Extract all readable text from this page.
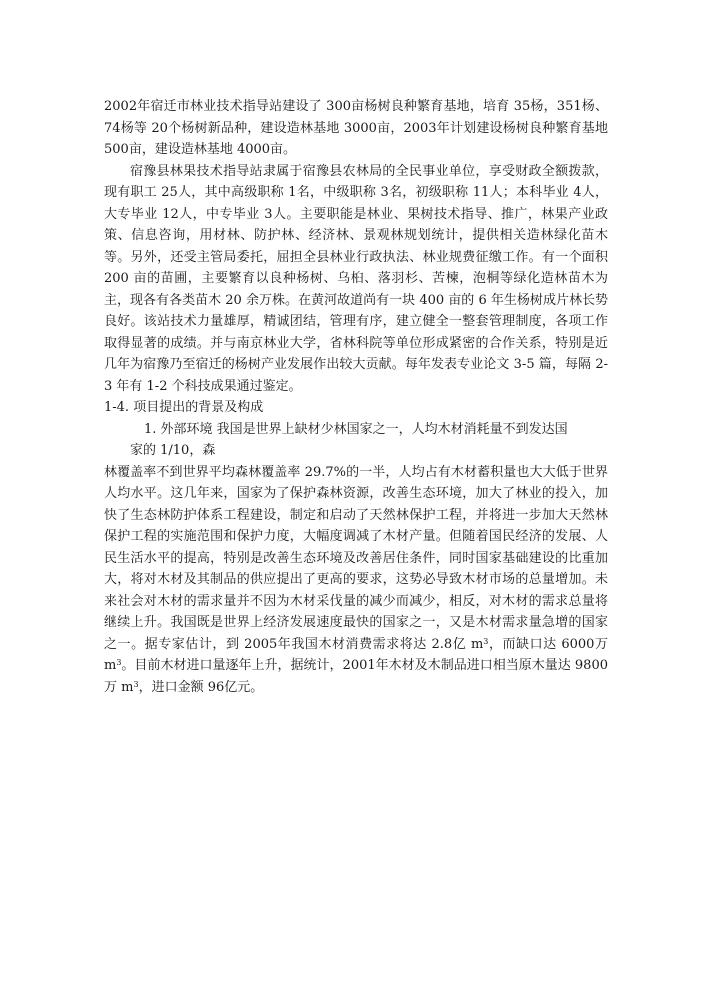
2002年宿迁市林业技术指导站建设了 300亩杨树良种繁育基地，培育 35杨，351杨、74杨等 20个杨树新品种，建设造林基地 3000亩，2003年计划建设杨树良种繁育基地 500亩，建设造林基地 4000亩。

宿豫县林果技术指导站隶属于宿豫县农林局的全民事业单位，享受财政全额拨款，现有职工 25人，其中高级职称 1名，中级职称 3名，初级职称 11人；本科毕业 4人，大专毕业 12人，中专毕业 3人。主要职能是林业、果树技术指导、推广，林果产业政策、信息咨询，用材林、防护林、经济林、景观林规划统计，提供相关造林绿化苗木等。另外，还受主管局委托，屈担全县林业行政执法、林业规费征缴工作。有一个面积 200 亩的苗圃，主要繁育以良种杨树、乌桕、落羽杉、苦楝，泡桐等绿化造林苗木为主，现各有各类苗木 20 余万株。在黄河故道尚有一块 400 亩的 6 年生杨树成片林长势良好。该站技术力量雄厚，精诚团结，管理有序，建立健全一整套管理制度，各项工作取得显著的成绩。并与南京林业大学，省林科院等单位形成紧密的合作关系，特别是近几年为宿豫乃至宿迁的杨树产业发展作出较大贡献。每年发表专业论文 3-5 篇，每隔 2-3 年有 1-2 个科技成果通过鉴定。

1-4. 项目提出的背景及构成

1. 外部环境 我国是世界上缺材少林国家之一，人均木材消耗量不到发达国
家的 1/10，森

林覆盖率不到世界平均森林覆盖率 29.7%的一半，人均占有木材蓄积量也大大低于世界人均水平。这几年来，国家为了保护森林资源，改善生态环境，加大了林业的投入，加快了生态林防护体系工程建设，制定和启动了天然林保护工程，并将进一步加大天然林保护工程的实施范围和保护力度，大幅度调减了木材产量。但随着国民经济的发展、人民生活水平的提高，特别是改善生态环境及改善居住条件，同时国家基础建设的比重加大，将对木材及其制品的供应提出了更高的要求，这势必导致木材市场的总量增加。未来社会对木材的需求量并不因为木材采伐量的减少而减少，相反，对木材的需求总量将继续上升。我国既是世界上经济发展速度最快的国家之一，又是木材需求量急增的国家之一。据专家估计，到 2005年我国木材消费需求将达 2.8亿 $m^3$，而缺口达 6000万 $m^3$。目前木材进口量逐年上升，据统计，2001年木材及木制品进口相当原木量达 9800万 $m^3$，进口金额 96亿元。
